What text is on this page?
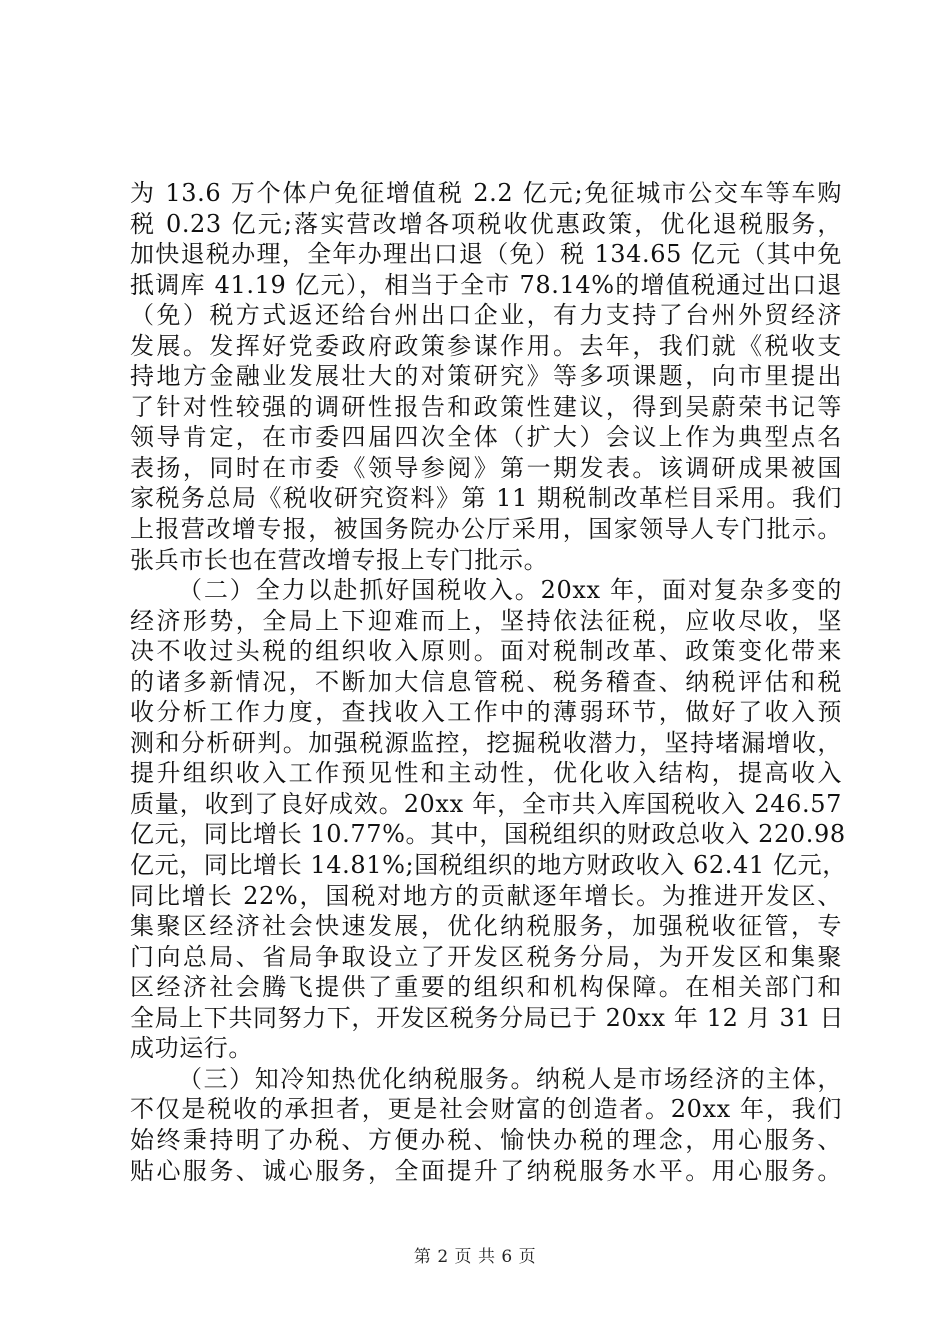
为 13.6 万个体户免征增值税 2.2 亿元;免征城市公交车等车购
税 0.23 亿元;落实营改增各项税收优惠政策，优化退税服务，
加快退税办理，全年办理出口退（免）税 134.65 亿元（其中免
抵调库 41.19 亿元），相当于全市 78.14%的增值税通过出口退
（免）税方式返还给台州出口企业，有力支持了台州外贸经济
发展。发挥好党委政府政策参谋作用。去年，我们就《税收支
持地方金融业发展壮大的对策研究》等多项课题，向市里提出
了针对性较强的调研性报告和政策性建议，得到吴蔚荣书记等
领导肯定，在市委四届四次全体（扩大）会议上作为典型点名
表扬，同时在市委《领导参阅》第一期发表。该调研成果被国
家税务总局《税收研究资料》第 11 期税制改革栏目采用。我们
上报营改增专报，被国务院办公厅采用，国家领导人专门批示。
张兵市长也在营改增专报上专门批示。
（二）全力以赴抓好国税收入。20xx 年，面对复杂多变的
经济形势，全局上下迎难而上，坚持依法征税，应收尽收，坚
决不收过头税的组织收入原则。面对税制改革、政策变化带来
的诸多新情况，不断加大信息管税、税务稽查、纳税评估和税
收分析工作力度，查找收入工作中的薄弱环节，做好了收入预
测和分析研判。加强税源监控，挖掘税收潜力，坚持堵漏增收，
提升组织收入工作预见性和主动性，优化收入结构，提高收入
质量，收到了良好成效。20xx 年，全市共入库国税收入 246.57
亿元，同比增长 10.77%。其中，国税组织的财政总收入 220.98
亿元，同比增长 14.81%;国税组织的地方财政收入 62.41 亿元，
同比增长 22%，国税对地方的贡献逐年增长。为推进开发区、
集聚区经济社会快速发展，优化纳税服务，加强税收征管，专
门向总局、省局争取设立了开发区税务分局，为开发区和集聚
区经济社会腾飞提供了重要的组织和机构保障。在相关部门和
全局上下共同努力下，开发区税务分局已于 20xx 年 12 月 31 日
成功运行。
（三）知冷知热优化纳税服务。纳税人是市场经济的主体，
不仅是税收的承担者，更是社会财富的创造者。20xx 年，我们
始终秉持明了办税、方便办税、愉快办税的理念，用心服务、
贴心服务、诚心服务，全面提升了纳税服务水平。用心服务。
第 2 页 共 6 页
